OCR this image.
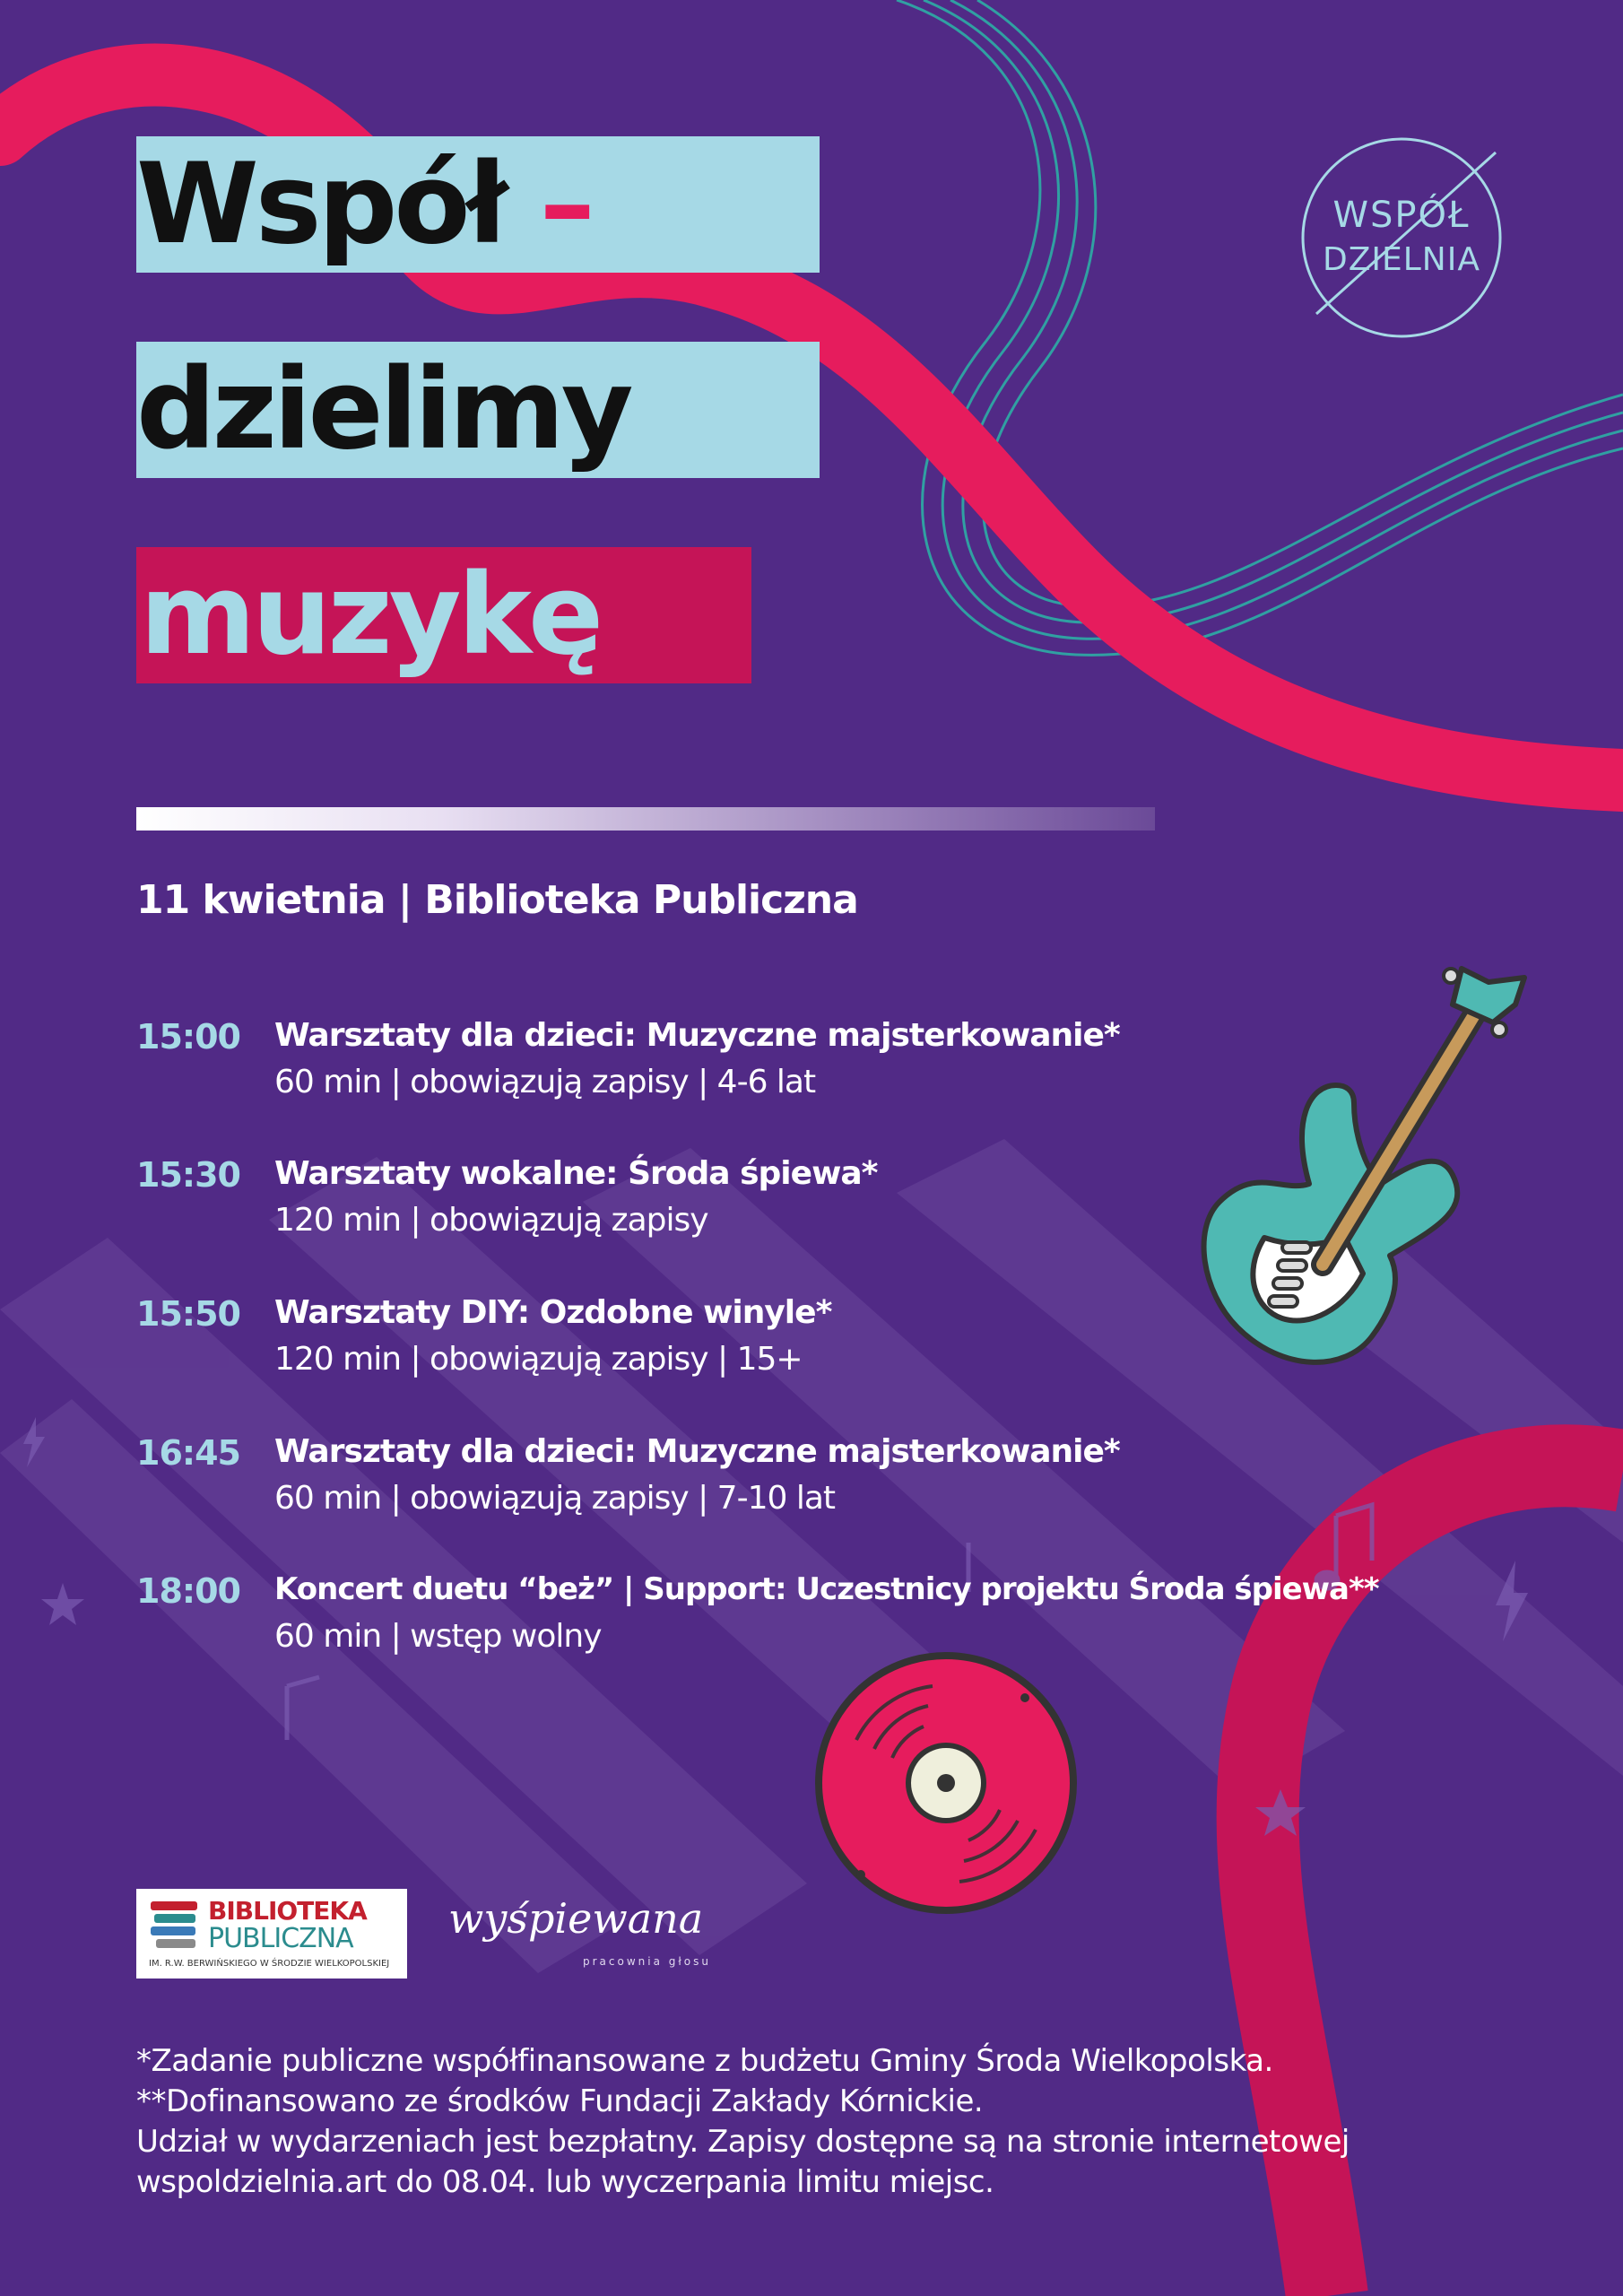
Współ –
dzielimy
muzykę
WSPÓŁ
DZIELNIA
11 kwietnia | Biblioteka Publiczna
15:00 Warsztaty dla dzieci: Muzyczne majsterkowanie*
60 min | obowiązują zapisy | 4-6 lat
15:30 Warsztaty wokalne: Środa śpiewa*
120 min | obowiązują zapisy
15:50 Warsztaty DIY: Ozdobne winyle*
120 min | obowiązują zapisy | 15+
16:45 Warsztaty dla dzieci: Muzyczne majsterkowanie*
60 min | obowiązują zapisy | 7-10 lat
18:00 Koncert duetu “beż” | Support: Uczestnicy projektu Środa śpiewa**
60 min | wstęp wolny
BIBLIOTEKA
PUBLICZNA
IM. R.W. BERWIŃSKIEGO W ŚRODZIE WIELKOPOLSKIEJ
wyśpiewana
pracownia głosu
*Zadanie publiczne współfinansowane z budżetu Gminy Środa Wielkopolska.
**Dofinansowano ze środków Fundacji Zakłady Kórnickie.
Udział w wydarzeniach jest bezpłatny. Zapisy dostępne są na stronie internetowej
wspoldzielnia.art do 08.04. lub wyczerpania limitu miejsc.
